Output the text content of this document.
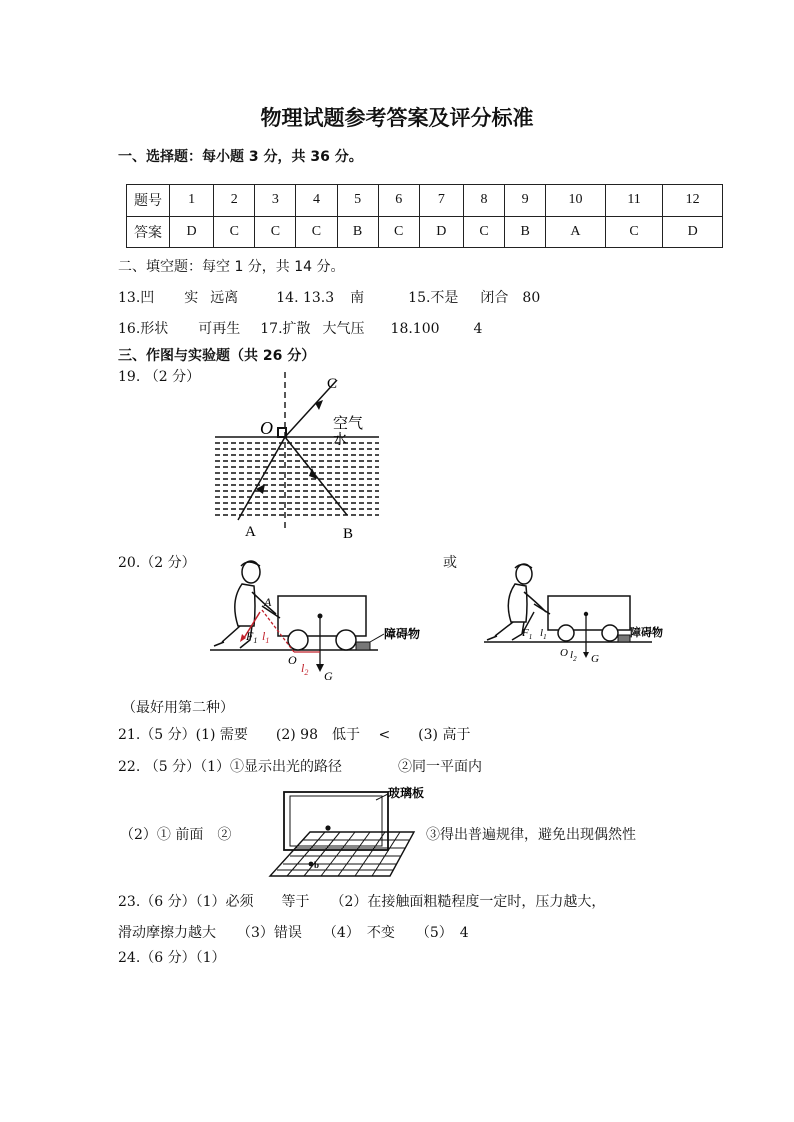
物理试题参考答案及评分标准
一、选择题：每小题 3 分，共 36 分。
题号	1	2	3	4	5	6	7	8	9	10	11	12
答案	D	C	C	C	B	C	D	C	B	A	C	D
二、填空题：每空 1 分，共 14 分。
13.凹 实 远离	14. 13.3 南	15.不是 闭合 80
16.形状 可再生 17.扩散 大气压 18.100 4
三、作图与实验题（共 26 分）
19. （2 分）
O
C
空气
水
A	B
20.（2 分）	或
障碍物
A
$F_1$ $l_1$
O
$l_2$ G
障碍物
$F_1$ $l_1$
O $l_2$ G
（最好用第二种）
21.（5 分）(1) 需要　　(2) 98　低于　 <　　(3) 高于
22. （5 分）（1）①显示出光的路径　　　　②同一平面内
（2）① 前面　②	③得出普遍规律，避免出现偶然性
b
玻璃板
23.（6 分）（1）必须　　等于　　（2）在接触面粗糙程度一定时，压力越大，
滑动摩擦力越大　　（3）错误　　（4）　不变　　（5）　4
24.（6 分）（1）
